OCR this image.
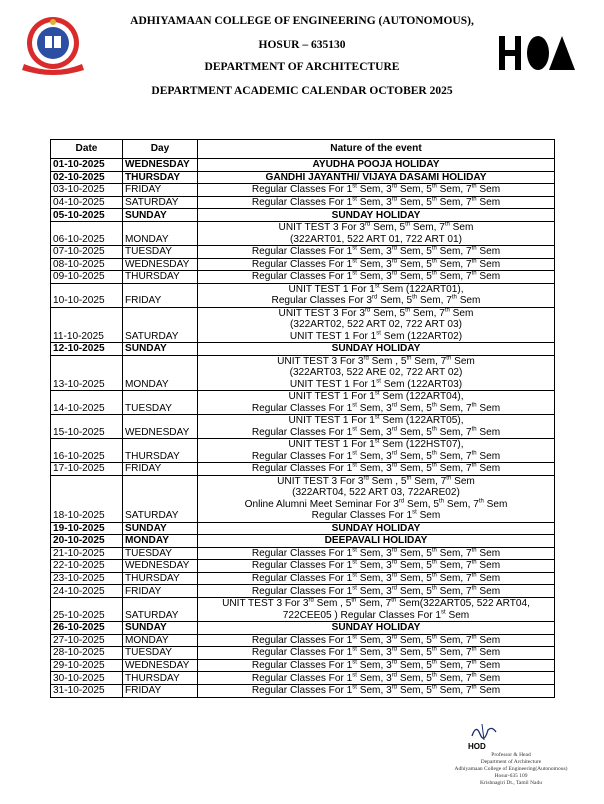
ADHIYAMAAN COLLEGE OF ENGINEERING (AUTONOMOUS),
HOSUR – 635130
DEPARTMENT OF ARCHITECTURE
DEPARTMENT ACADEMIC CALENDAR OCTOBER 2025
Date	Day	Nature of the event
01-10-2025	WEDNESDAY	AYUDHA POOJA HOLIDAY

02-10-2025	THURSDAY	GANDHI JAYANTHI/ VIJAYA DASAMI HOLIDAY

03-10-2025	FRIDAY	Regular Classes For 1st Sem, 3rd Sem, 5th Sem, 7th Sem

04-10-2025	SATURDAY	Regular Classes For 1st Sem, 3rd Sem, 5th Sem, 7th Sem

05-10-2025	SUNDAY	SUNDAY HOLIDAY

06-10-2025	MONDAY	UNIT TEST 3 For 3rd Sem, 5th Sem, 7th Sem
(322ART01, 522 ART 01, 722 ART 01)

07-10-2025	TUESDAY	Regular Classes For 1st Sem, 3rd Sem, 5th Sem, 7th Sem

08-10-2025	WEDNESDAY	Regular Classes For 1st Sem, 3rd Sem, 5th Sem, 7th Sem

09-10-2025	THURSDAY	Regular Classes For 1st Sem, 3rd Sem, 5th Sem, 7th Sem

10-10-2025	FRIDAY	UNIT TEST 1 For 1st Sem (122ART01),
Regular Classes For 3rd Sem, 5th Sem, 7th Sem

11-10-2025	SATURDAY	UNIT TEST 3 For 3rd Sem, 5th Sem, 7th Sem
(322ART02, 522 ART 02, 722 ART 03)
UNIT TEST 1 For 1st Sem (122ART02)

12-10-2025	SUNDAY	SUNDAY HOLIDAY

13-10-2025	MONDAY	UNIT TEST 3 For 3rd Sem , 5th Sem, 7th Sem
(322ART03, 522 ARE 02, 722 ART 02)
UNIT TEST 1 For 1st Sem (122ART03)

14-10-2025	TUESDAY	UNIT TEST 1 For 1st Sem (122ART04),
Regular Classes For 1st Sem, 3rd Sem, 5th Sem, 7th Sem

15-10-2025	WEDNESDAY	UNIT TEST 1 For 1st Sem (122ART05),
Regular Classes For 1st Sem, 3rd Sem, 5th Sem, 7th Sem

16-10-2025	THURSDAY	UNIT TEST 1 For 1st Sem (122HST07),
Regular Classes For 1st Sem, 3rd Sem, 5th Sem, 7th Sem

17-10-2025	FRIDAY	Regular Classes For 1st Sem, 3rd Sem, 5th Sem, 7th Sem

18-10-2025	SATURDAY	UNIT TEST 3 For 3rd Sem , 5th Sem, 7th Sem
(322ART04, 522 ART 03, 722ARE02)
Online Alumni Meet Seminar For 3rd Sem, 5th Sem, 7th Sem
Regular Classes For 1st Sem

19-10-2025	SUNDAY	SUNDAY HOLIDAY

20-10-2025	MONDAY	DEEPAVALI HOLIDAY

21-10-2025	TUESDAY	Regular Classes For 1st Sem, 3rd Sem, 5th Sem, 7th Sem

22-10-2025	WEDNESDAY	Regular Classes For 1st Sem, 3rd Sem, 5th Sem, 7th Sem

23-10-2025	THURSDAY	Regular Classes For 1st Sem, 3rd Sem, 5th Sem, 7th Sem

24-10-2025	FRIDAY	Regular Classes For 1st Sem, 3rd Sem, 5th Sem, 7th Sem

25-10-2025	SATURDAY	UNIT TEST 3 For 3rd Sem , 5th Sem, 7th Sem(322ART05, 522 ART04,
722CEE05 ) Regular Classes For 1st Sem

26-10-2025	SUNDAY	SUNDAY HOLIDAY

27-10-2025	MONDAY	Regular Classes For 1st Sem, 3rd Sem, 5th Sem, 7th Sem

28-10-2025	TUESDAY	Regular Classes For 1st Sem, 3rd Sem, 5th Sem, 7th Sem

29-10-2025	WEDNESDAY	Regular Classes For 1st Sem, 3rd Sem, 5th Sem, 7th Sem

30-10-2025	THURSDAY	Regular Classes For 1st Sem, 3rd Sem, 5th Sem, 7th Sem

31-10-2025	FRIDAY	Regular Classes For 1st Sem, 3rd Sem, 5th Sem, 7th Sem
HOD
Professor & Head
Department of Architecture
Adhiyamaan College of Engineering(Autonomous)
Hosur-635 109
Krishnagiri Dt., Tamil Nadu
